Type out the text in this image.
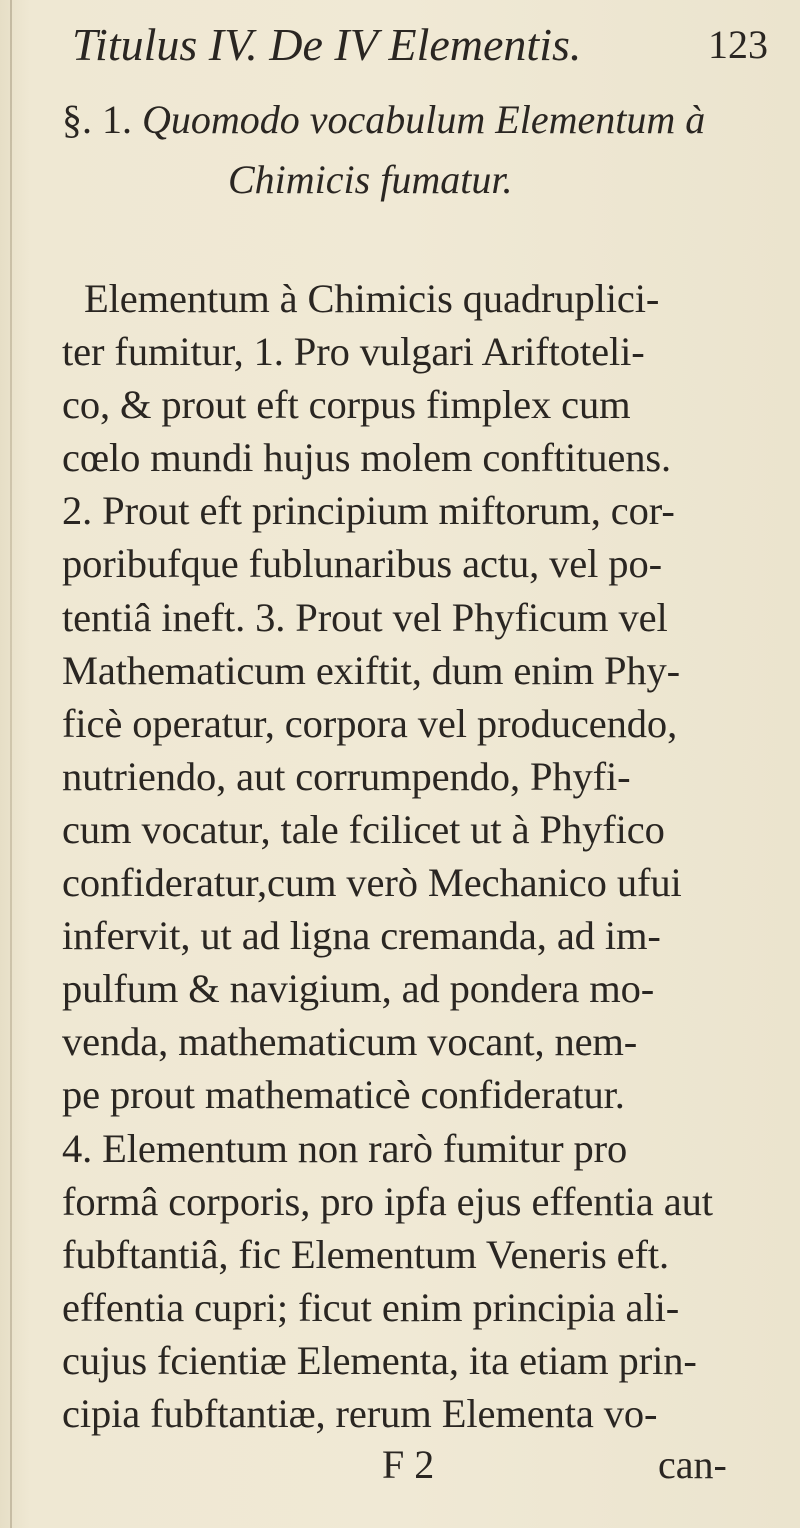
Titulus IV. De IV Elementis.	123
§. 1. Quomodo vocabulum Elementum à
Chimicis fumatur.
Elementum à Chimicis quadruplici-
ter fumitur, 1. Pro vulgari Ariftoteli-
co, & prout eft corpus fimplex cum
cœlo mundi hujus molem conftituens.
2. Prout eft principium miftorum, cor-
poribufque fublunaribus actu, vel po-
tentiâ ineft. 3. Prout vel Phyficum vel
Mathematicum exiftit, dum enim Phy-
ficè operatur, corpora vel producendo,
nutriendo, aut corrumpendo, Phyfi-
cum vocatur, tale fcilicet ut à Phyfico
confideratur,cum verò Mechanico ufui
infervit, ut ad ligna cremanda, ad im-
pulfum & navigium, ad pondera mo-
venda, mathematicum vocant, nem-
pe prout mathematicè confideratur.
4. Elementum non rarò fumitur pro
formâ corporis, pro ipfa ejus effentia aut
fubftantiâ, fic Elementum Veneris eft.
effentia cupri; ficut enim principia ali-
cujus fcientiæ Elementa, ita etiam prin-
cipia fubftantiæ, rerum Elementa vo-
F 2	can-
